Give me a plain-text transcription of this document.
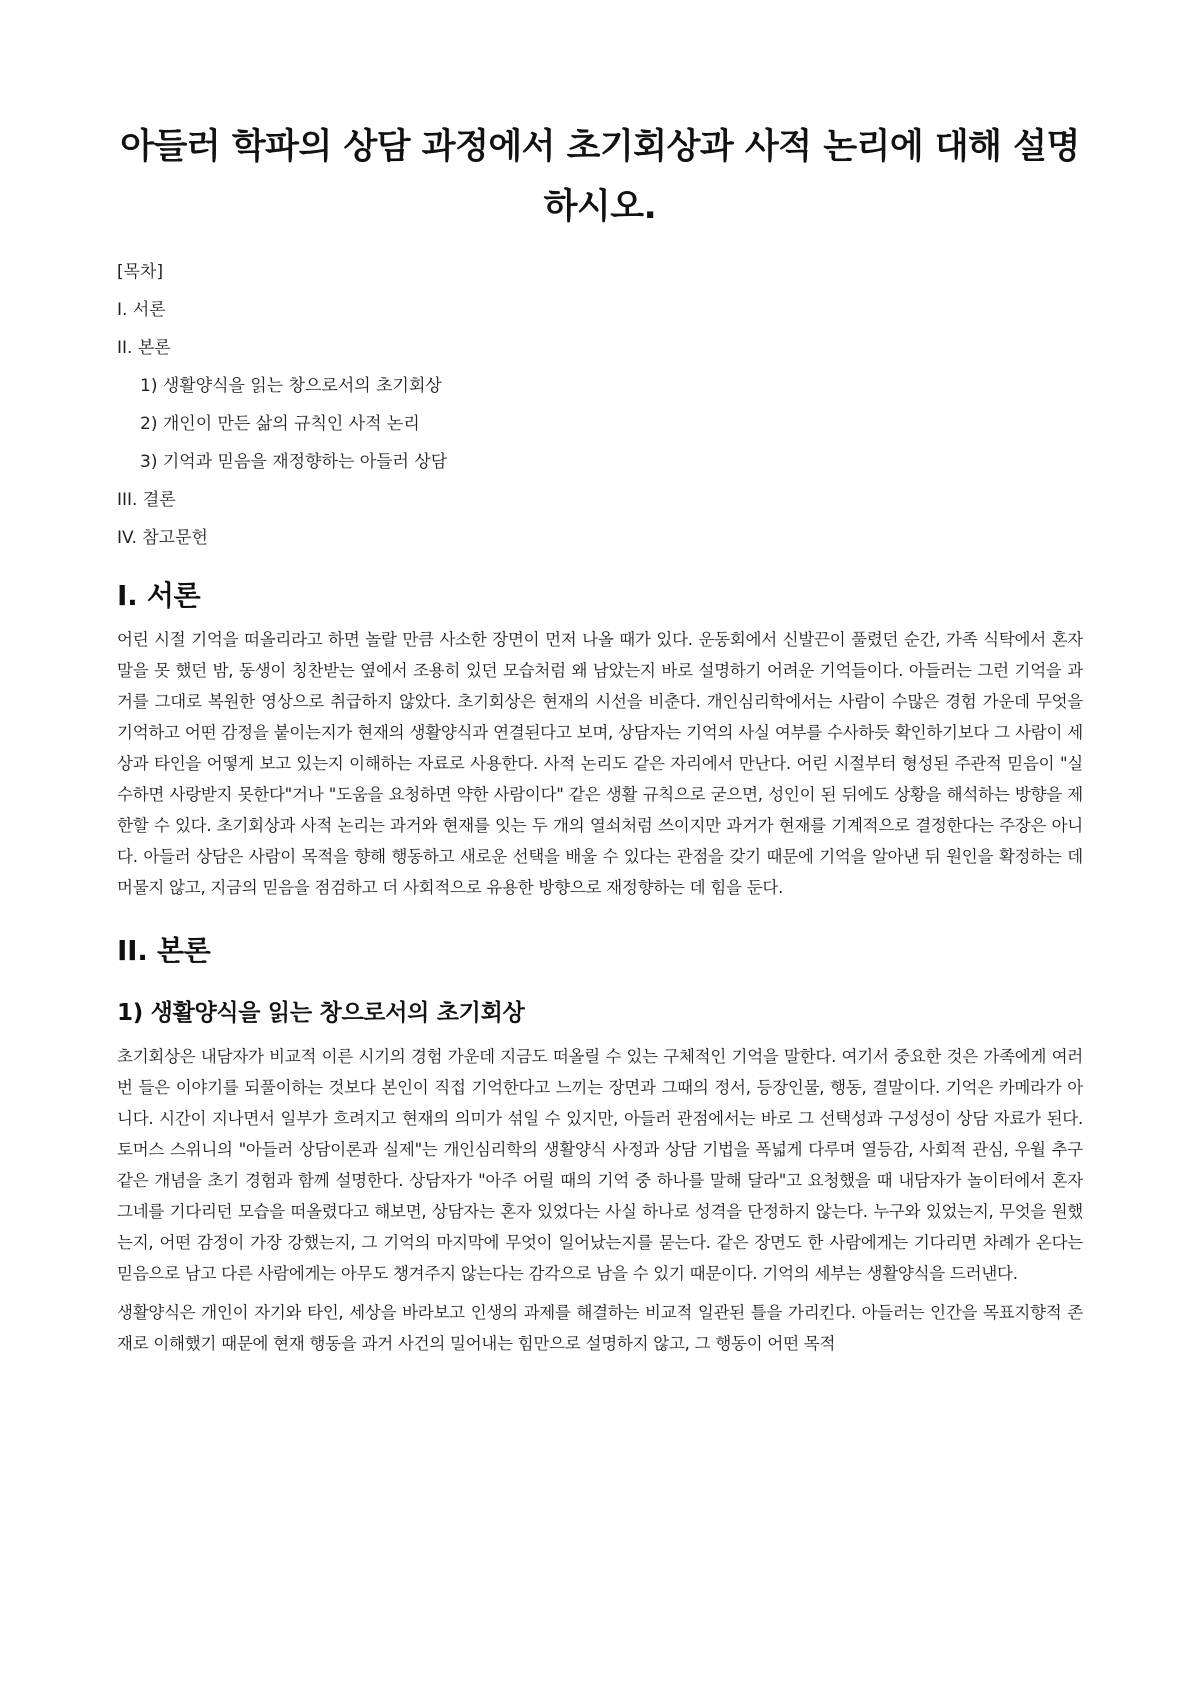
아들러 학파의 상담 과정에서 초기회상과 사적 논리에 대해 설명하시오.
[목차]
I. 서론
II. 본론
1) 생활양식을 읽는 창으로서의 초기회상
2) 개인이 만든 삶의 규칙인 사적 논리
3) 기억과 믿음을 재정향하는 아들러 상담
III. 결론
IV. 참고문헌
I. 서론

어린 시절 기억을 떠올리라고 하면 놀랄 만큼 사소한 장면이 먼저 나올 때가 있다. 운동회에서 신발끈이 풀렸던 순간, 가족 식탁에서 혼자 말을 못 했던 밤, 동생이 칭찬받는 옆에서 조용히 있던 모습처럼 왜 남았는지 바로 설명하기 어려운 기억들이다. 아들러는 그런 기억을 과거를 그대로 복원한 영상으로 취급하지 않았다. 초기회상은 현재의 시선을 비춘다. 개인심리학에서는 사람이 수많은 경험 가운데 무엇을 기억하고 어떤 감정을 붙이는지가 현재의 생활양식과 연결된다고 보며, 상담자는 기억의 사실 여부를 수사하듯 확인하기보다 그 사람이 세상과 타인을 어떻게 보고 있는지 이해하는 자료로 사용한다. 사적 논리도 같은 자리에서 만난다. 어린 시절부터 형성된 주관적 믿음이 "실수하면 사랑받지 못한다"거나 "도움을 요청하면 약한 사람이다" 같은 생활 규칙으로 굳으면, 성인이 된 뒤에도 상황을 해석하는 방향을 제한할 수 있다. 초기회상과 사적 논리는 과거와 현재를 잇는 두 개의 열쇠처럼 쓰이지만 과거가 현재를 기계적으로 결정한다는 주장은 아니다. 아들러 상담은 사람이 목적을 향해 행동하고 새로운 선택을 배울 수 있다는 관점을 갖기 때문에 기억을 알아낸 뒤 원인을 확정하는 데 머물지 않고, 지금의 믿음을 점검하고 더 사회적으로 유용한 방향으로 재정향하는 데 힘을 둔다.

II. 본론
1) 생활양식을 읽는 창으로서의 초기회상

초기회상은 내담자가 비교적 이른 시기의 경험 가운데 지금도 떠올릴 수 있는 구체적인 기억을 말한다. 여기서 중요한 것은 가족에게 여러 번 들은 이야기를 되풀이하는 것보다 본인이 직접 기억한다고 느끼는 장면과 그때의 정서, 등장인물, 행동, 결말이다. 기억은 카메라가 아니다. 시간이 지나면서 일부가 흐려지고 현재의 의미가 섞일 수 있지만, 아들러 관점에서는 바로 그 선택성과 구성성이 상담 자료가 된다. 토머스 스위니의 "아들러 상담이론과 실제"는 개인심리학의 생활양식 사정과 상담 기법을 폭넓게 다루며 열등감, 사회적 관심, 우월 추구 같은 개념을 초기 경험과 함께 설명한다. 상담자가 "아주 어릴 때의 기억 중 하나를 말해 달라"고 요청했을 때 내담자가 놀이터에서 혼자 그네를 기다리던 모습을 떠올렸다고 해보면, 상담자는 혼자 있었다는 사실 하나로 성격을 단정하지 않는다. 누구와 있었는지, 무엇을 원했는지, 어떤 감정이 가장 강했는지, 그 기억의 마지막에 무엇이 일어났는지를 묻는다. 같은 장면도 한 사람에게는 기다리면 차례가 온다는 믿음으로 남고 다른 사람에게는 아무도 챙겨주지 않는다는 감각으로 남을 수 있기 때문이다. 기억의 세부는 생활양식을 드러낸다.

생활양식은 개인이 자기와 타인, 세상을 바라보고 인생의 과제를 해결하는 비교적 일관된 틀을 가리킨다. 아들러는 인간을 목표지향적 존재로 이해했기 때문에 현재 행동을 과거 사건의 밀어내는 힘만으로 설명하지 않고, 그 행동이 어떤 목적
